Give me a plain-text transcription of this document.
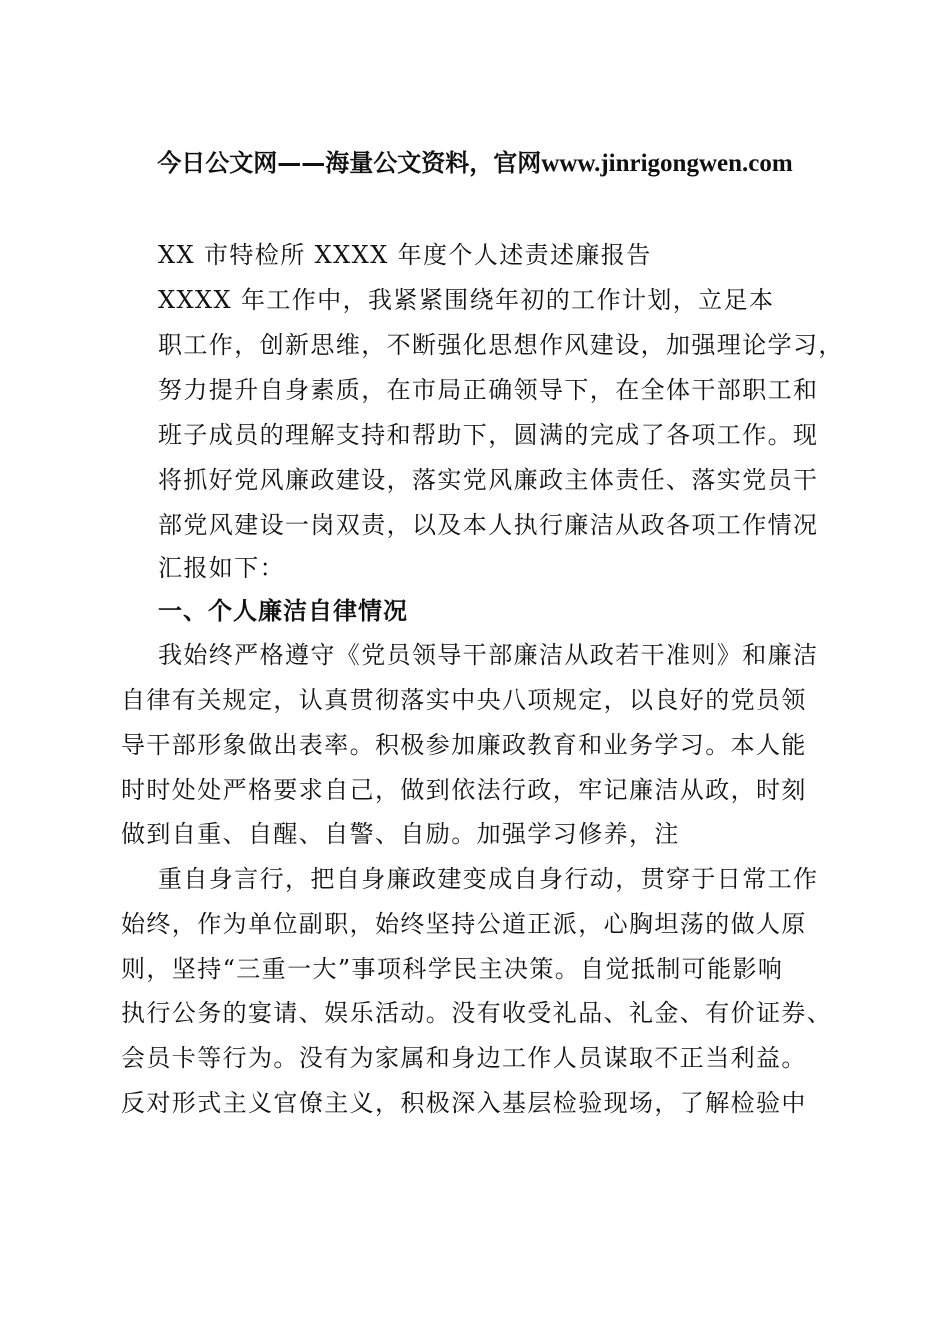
今日公文网——海量公文资料，官网www.jinrigongwen.com
XX 市特检所 XXXX 年度个人述责述廉报告
XXXX 年工作中，我紧紧围绕年初的工作计划，立足本
职工作，创新思维，不断强化思想作风建设，加强理论学习，
努力提升自身素质，在市局正确领导下，在全体干部职工和
班子成员的理解支持和帮助下，圆满的完成了各项工作。现
将抓好党风廉政建设，落实党风廉政主体责任、落实党员干
部党风建设一岗双责，以及本人执行廉洁从政各项工作情况
汇报如下：
一、个人廉洁自律情况
我始终严格遵守《党员领导干部廉洁从政若干准则》和廉洁
自律有关规定，认真贯彻落实中央八项规定，以良好的党员领
导干部形象做出表率。积极参加廉政教育和业务学习。本人能
时时处处严格要求自己，做到依法行政，牢记廉洁从政，时刻
做到自重、自醒、自警、自励。加强学习修养，注
重自身言行，把自身廉政建变成自身行动，贯穿于日常工作
始终，作为单位副职，始终坚持公道正派，心胸坦荡的做人原
则，坚持“三重一大”事项科学民主决策。自觉抵制可能影响
执行公务的宴请、娱乐活动。没有收受礼品、礼金、有价证券、
会员卡等行为。没有为家属和身边工作人员谋取不正当利益。
反对形式主义官僚主义，积极深入基层检验现场，了解检验中
